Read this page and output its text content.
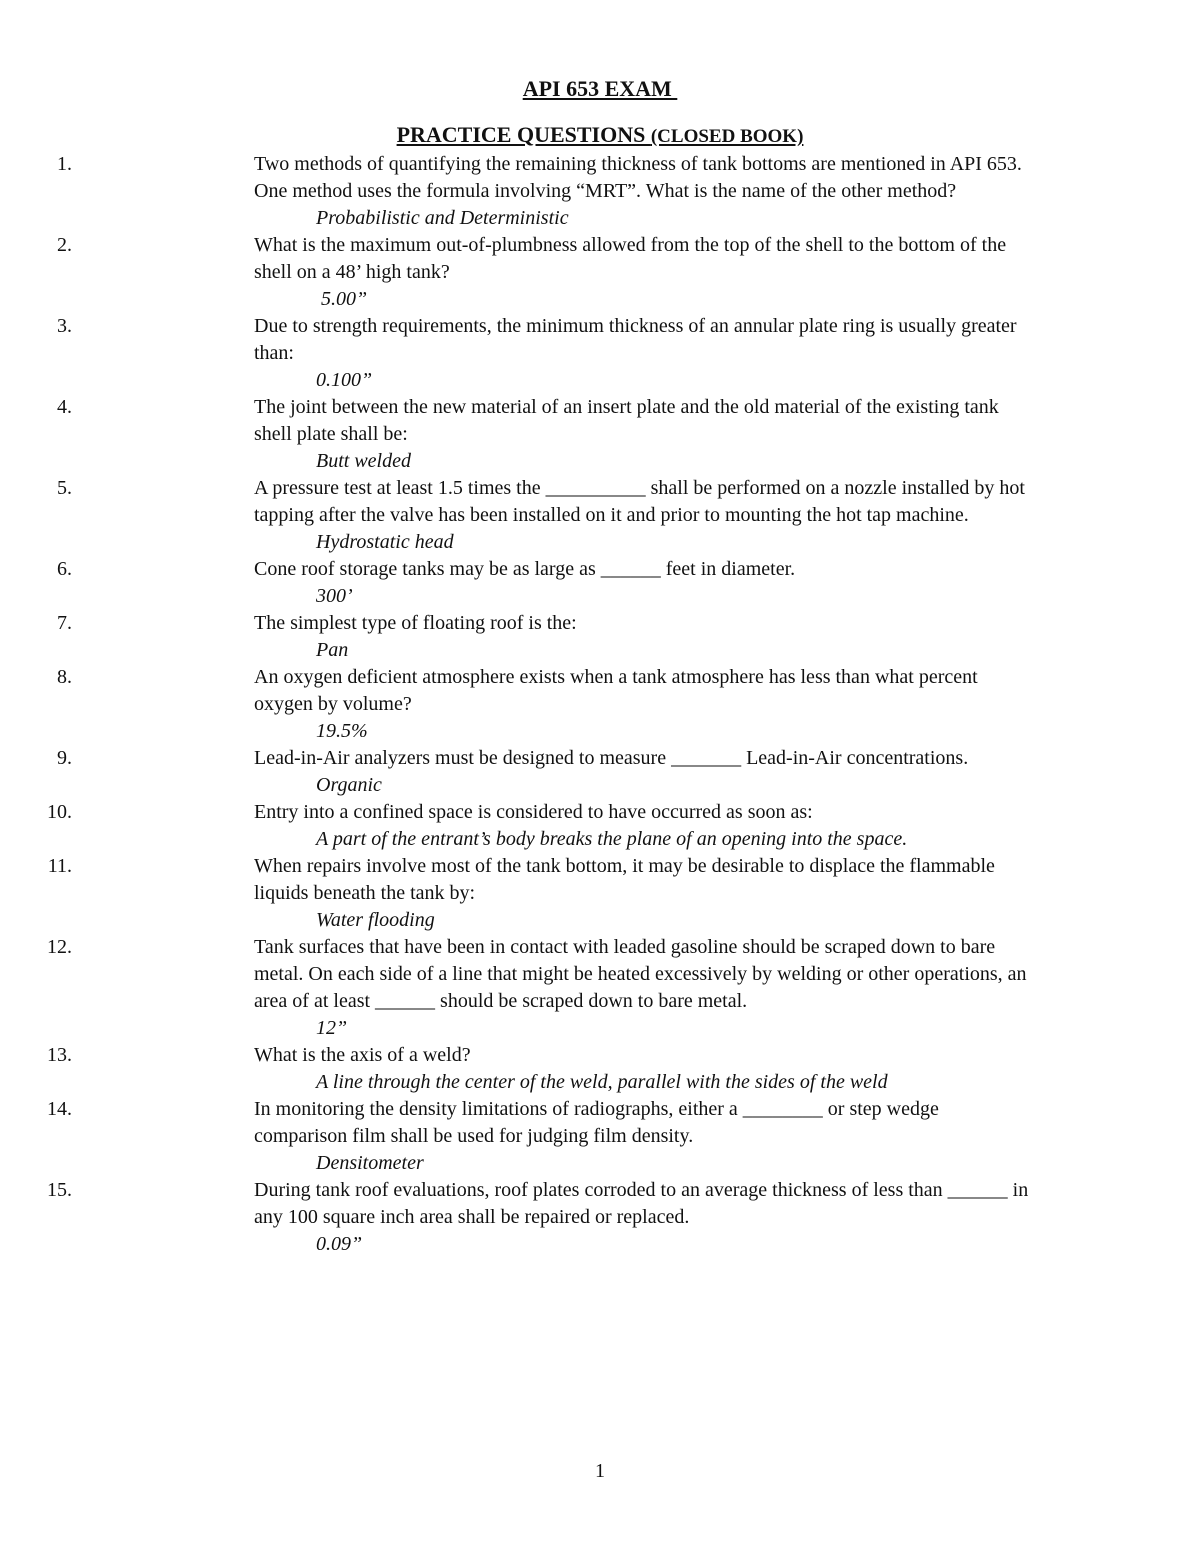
API 653 EXAM
PRACTICE QUESTIONS (CLOSED BOOK)
1.	Two methods of quantifying the remaining thickness of tank bottoms are mentioned in API 653. One method uses the formula involving “MRT”. What is the name of the other method?
Probabilistic and Deterministic
2.	What is the maximum out-of-plumbness allowed from the top of the shell to the bottom of the shell on a 48’ high tank?
5.00”
3.	Due to strength requirements, the minimum thickness of an annular plate ring is usually greater than:
0.100”
4.	The joint between the new material of an insert plate and the old material of the existing tank shell plate shall be:
Butt welded
5.	A pressure test at least 1.5 times the __________ shall be performed on a nozzle installed by hot tapping after the valve has been installed on it and prior to mounting the hot tap machine.
Hydrostatic head
6.	Cone roof storage tanks may be as large as ______ feet in diameter.
300’
7.	The simplest type of floating roof is the:
Pan
8.	An oxygen deficient atmosphere exists when a tank atmosphere has less than what percent oxygen by volume?
19.5%
9.	Lead-in-Air analyzers must be designed to measure _______ Lead-in-Air concentrations.
Organic
10.	Entry into a confined space is considered to have occurred as soon as:
A part of the entrant’s body breaks the plane of an opening into the space.
11.	When repairs involve most of the tank bottom, it may be desirable to displace the flammable liquids beneath the tank by:
Water flooding
12.	Tank surfaces that have been in contact with leaded gasoline should be scraped down to bare metal. On each side of a line that might be heated excessively by welding or other operations, an area of at least ______ should be scraped down to bare metal.
12”
13.	What is the axis of a weld?
A line through the center of the weld, parallel with the sides of the weld
14.	In monitoring the density limitations of radiographs, either a ________ or step wedge comparison film shall be used for judging film density.
Densitometer
15.	During tank roof evaluations, roof plates corroded to an average thickness of less than ______ in any 100 square inch area shall be repaired or replaced.
0.09”
1
